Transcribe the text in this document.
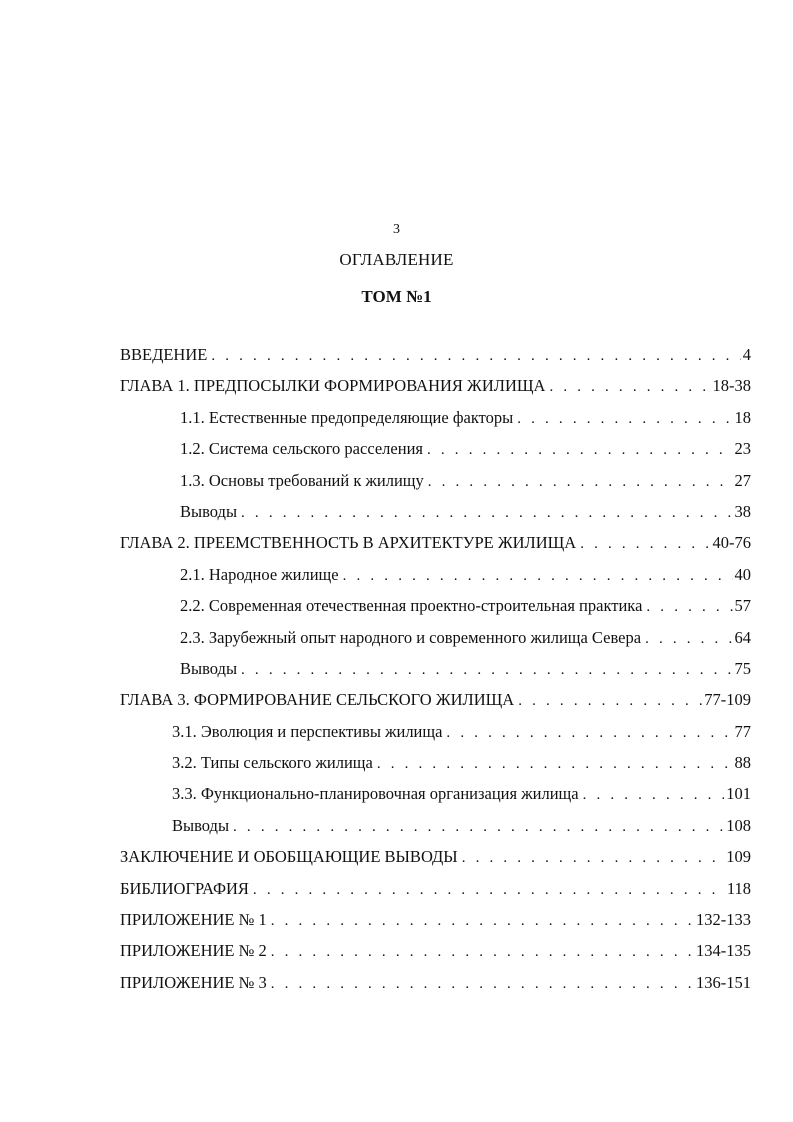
3
ОГЛАВЛЕНИЕ
ТОМ №1
ВВЕДЕНИЕ . . .	4
ГЛАВА 1. ПРЕДПОСЫЛКИ ФОРМИРОВАНИЯ ЖИЛИЩА . . .	18-38
1.1. Естественные предопределяющие факторы . . .	18
1.2. Система сельского расселения . . .	23
1.3. Основы требований к жилищу . . .	27
Выводы . . .	38
ГЛАВА 2. ПРЕЕМСТВЕННОСТЬ В АРХИТЕКТУРЕ ЖИЛИЩА . . .	40-76
2.1. Народное жилище . . .	40
2.2. Современная отечественная проектно-строительная практика . . .	57
2.3. Зарубежный опыт народного и современного жилища Севера . . .	64
Выводы . . .	75
ГЛАВА 3. ФОРМИРОВАНИЕ СЕЛЬСКОГО ЖИЛИЩА . . .	77-109
3.1. Эволюция и перспективы жилища . . .	77
3.2. Типы сельского жилища . . .	88
3.3. Функционально-планировочная организация жилища . . .	101
Выводы . . .	108
ЗАКЛЮЧЕНИЕ И ОБОБЩАЮЩИЕ ВЫВОДЫ . . .	109
БИБЛИОГРАФИЯ . . .	118
ПРИЛОЖЕНИЕ № 1 . . .	132-133
ПРИЛОЖЕНИЕ № 2 . . .	134-135
ПРИЛОЖЕНИЕ № 3 . . .	136-151
